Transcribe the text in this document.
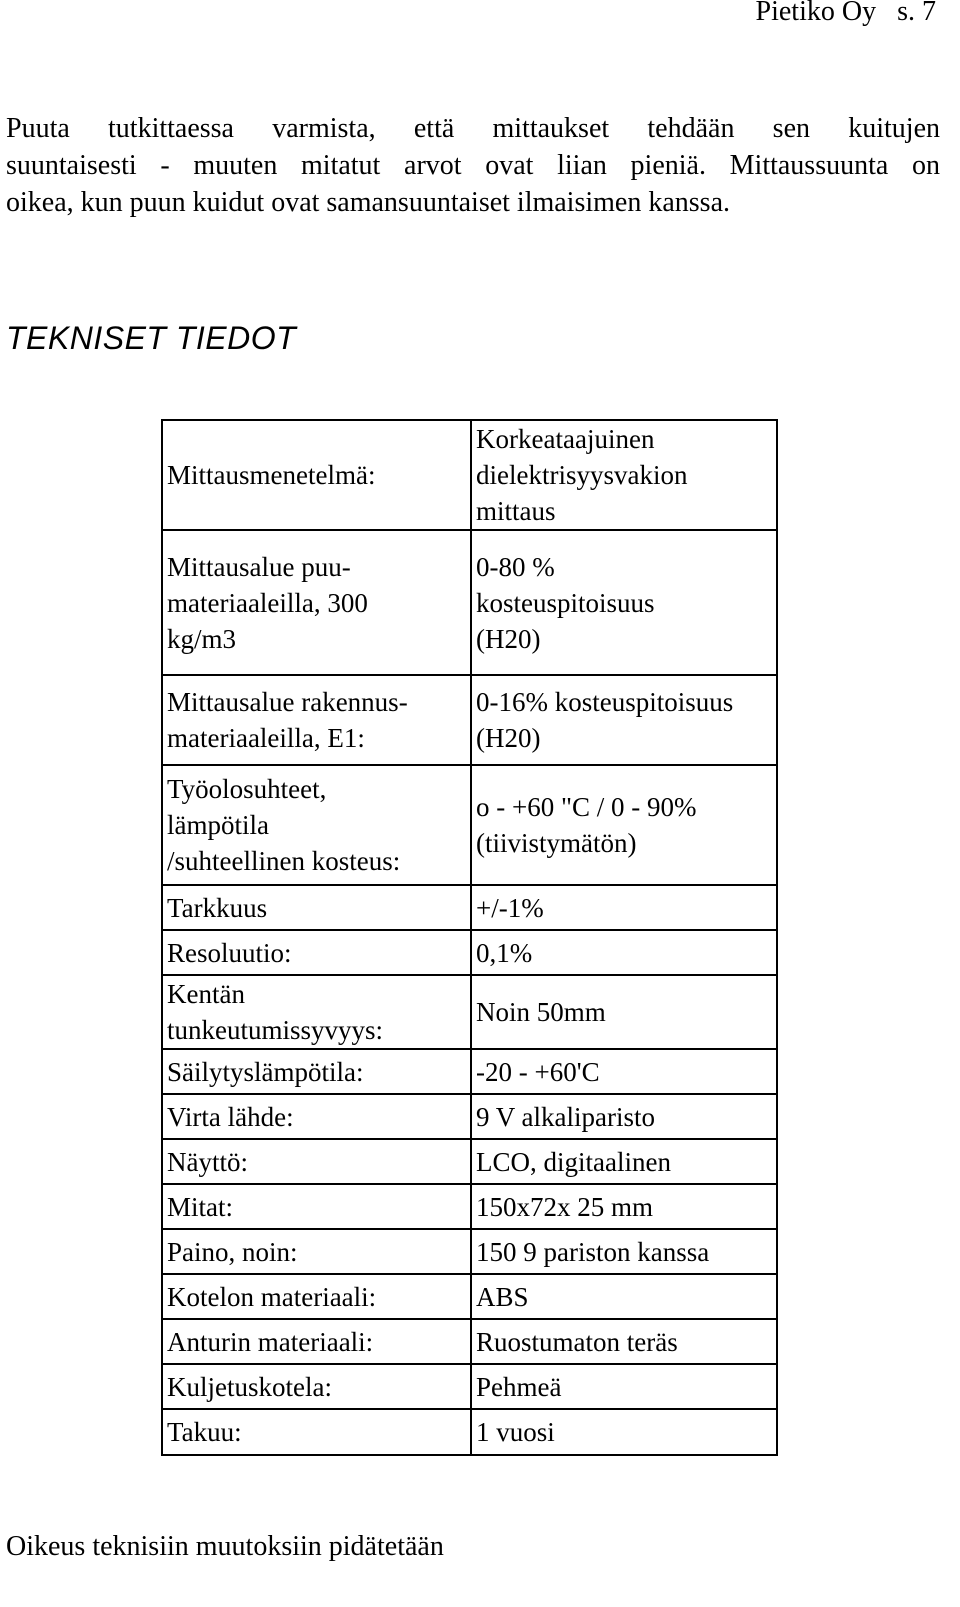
Pietiko Oy s. 7
Puuta tutkittaessa varmista, että mittaukset tehdään sen kuitujen
suuntaisesti - muuten mitatut arvot ovat liian pieniä. Mittaussuunta on
oikea, kun puun kuidut ovat samansuuntaiset ilmaisimen kanssa.
TEKNISET TIEDOT
Mittausmenetelmä:	Korkeataajuinen
dielektrisyysvakion
mittaus

Mittausalue puu-
materiaaleilla, 300
kg/m3	0-80 %
kosteuspitoisuus
(H20)

Mittausalue rakennus-
materiaaleilla, E1:	0-16% kosteuspitoisuus
(H20)

Työolosuhteet,
lämpötila
/suhteellinen kosteus:	o - +60 "C / 0 - 90%
(tiivistymätön)

Tarkkuus	+/-1%

Resoluutio:	0,1%

Kentän
tunkeutumissyvyys:	Noin 50mm

Säilytyslämpötila:	-20 - +60'C

Virta lähde:	9 V alkaliparisto

Näyttö:	LCO, digitaalinen

Mitat:	150x72x 25 mm

Paino, noin:	150 9 pariston kanssa

Kotelon materiaali:	ABS

Anturin materiaali:	Ruostumaton teräs

Kuljetuskotela:	Pehmeä

Takuu:	1 vuosi
Oikeus teknisiin muutoksiin pidätetään
